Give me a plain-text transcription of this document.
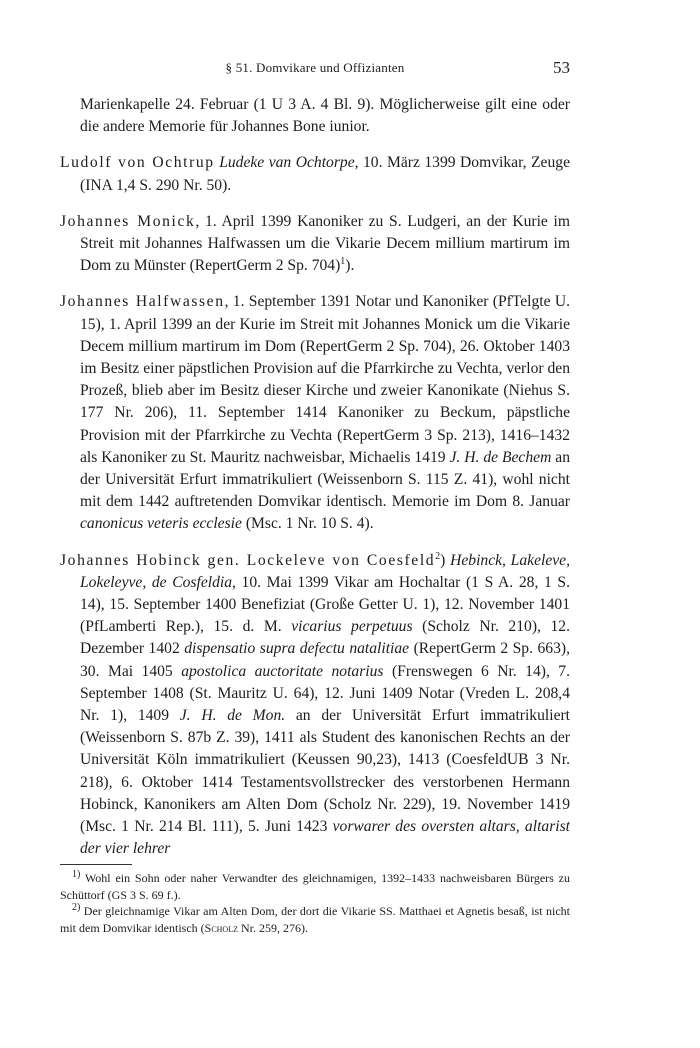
§ 51. Domvikare und Offizianten	53

Marienkapelle 24. Februar (1 U 3 A. 4 Bl. 9). Möglicherweise gilt eine oder die andere Memorie für Johannes Bone iunior.

Ludolf von Ochtrup Ludeke van Ochtorpe, 10. März 1399 Domvikar, Zeuge (INA 1,4 S. 290 Nr. 50).

Johannes Monick, 1. April 1399 Kanoniker zu S. Ludgeri, an der Kurie im Streit mit Johannes Halfwassen um die Vikarie Decem millium martirum im Dom zu Münster (RepertGerm 2 Sp. 704)$^1$).

Johannes Halfwassen, 1. September 1391 Notar und Kanoniker (PfTelgte U. 15), 1. April 1399 an der Kurie im Streit mit Johannes Monick um die Vikarie Decem millium martirum im Dom (RepertGerm 2 Sp. 704), 26. Oktober 1403 im Besitz einer päpstlichen Provision auf die Pfarrkirche zu Vechta, verlor den Prozeß, blieb aber im Besitz dieser Kirche und zweier Kanonikate (Niehus S. 177 Nr. 206), 11. September 1414 Kanoniker zu Beckum, päpstliche Provision mit der Pfarrkirche zu Vechta (RepertGerm 3 Sp. 213), 1416–1432 als Kanoniker zu St. Mauritz nachweisbar, Michaelis 1419 J. H. de Bechem an der Universität Erfurt immatrikuliert (Weissenborn S. 115 Z. 41), wohl nicht mit dem 1442 auftretenden Domvikar identisch. Memorie im Dom 8. Januar canonicus veteris ecclesie (Msc. 1 Nr. 10 S. 4).

Johannes Hobinck gen. Lockeleve von Coesfeld$^2$) Hebinck, Lakeleve, Lokeleyve, de Cosfeldia, 10. Mai 1399 Vikar am Hochaltar (1 S A. 28, 1 S. 14), 15. September 1400 Benefiziat (Große Getter U. 1), 12. November 1401 (PfLamberti Rep.), 15. d. M. vicarius perpetuus (Scholz Nr. 210), 12. Dezember 1402 dispensatio supra defectu natalitiae (RepertGerm 2 Sp. 663), 30. Mai 1405 apostolica auctoritate notarius (Frenswegen 6 Nr. 14), 7. September 1408 (St. Mauritz U. 64), 12. Juni 1409 Notar (Vreden L. 208,4 Nr. 1), 1409 J. H. de Mon. an der Universität Erfurt immatrikuliert (Weissenborn S. 87b Z. 39), 1411 als Student des kanonischen Rechts an der Universität Köln immatrikuliert (Keussen 90,23), 1413 (CoesfeldUB 3 Nr. 218), 6. Oktober 1414 Testamentsvollstrecker des verstorbenen Hermann Hobinck, Kanonikers am Alten Dom (Scholz Nr. 229), 19. November 1419 (Msc. 1 Nr. 214 Bl. 111), 5. Juni 1423 vorwarer des oversten altars, altarist der vier lehrer

$^{1)}$ Wohl ein Sohn oder naher Verwandter des gleichnamigen, 1392–1433 nachweisbaren Bürgers zu Schüttorf (GS 3 S. 69 f.).

$^{2)}$ Der gleichnamige Vikar am Alten Dom, der dort die Vikarie SS. Matthaei et Agnetis besaß, ist nicht mit dem Domvikar identisch (Scholz Nr. 259, 276).
